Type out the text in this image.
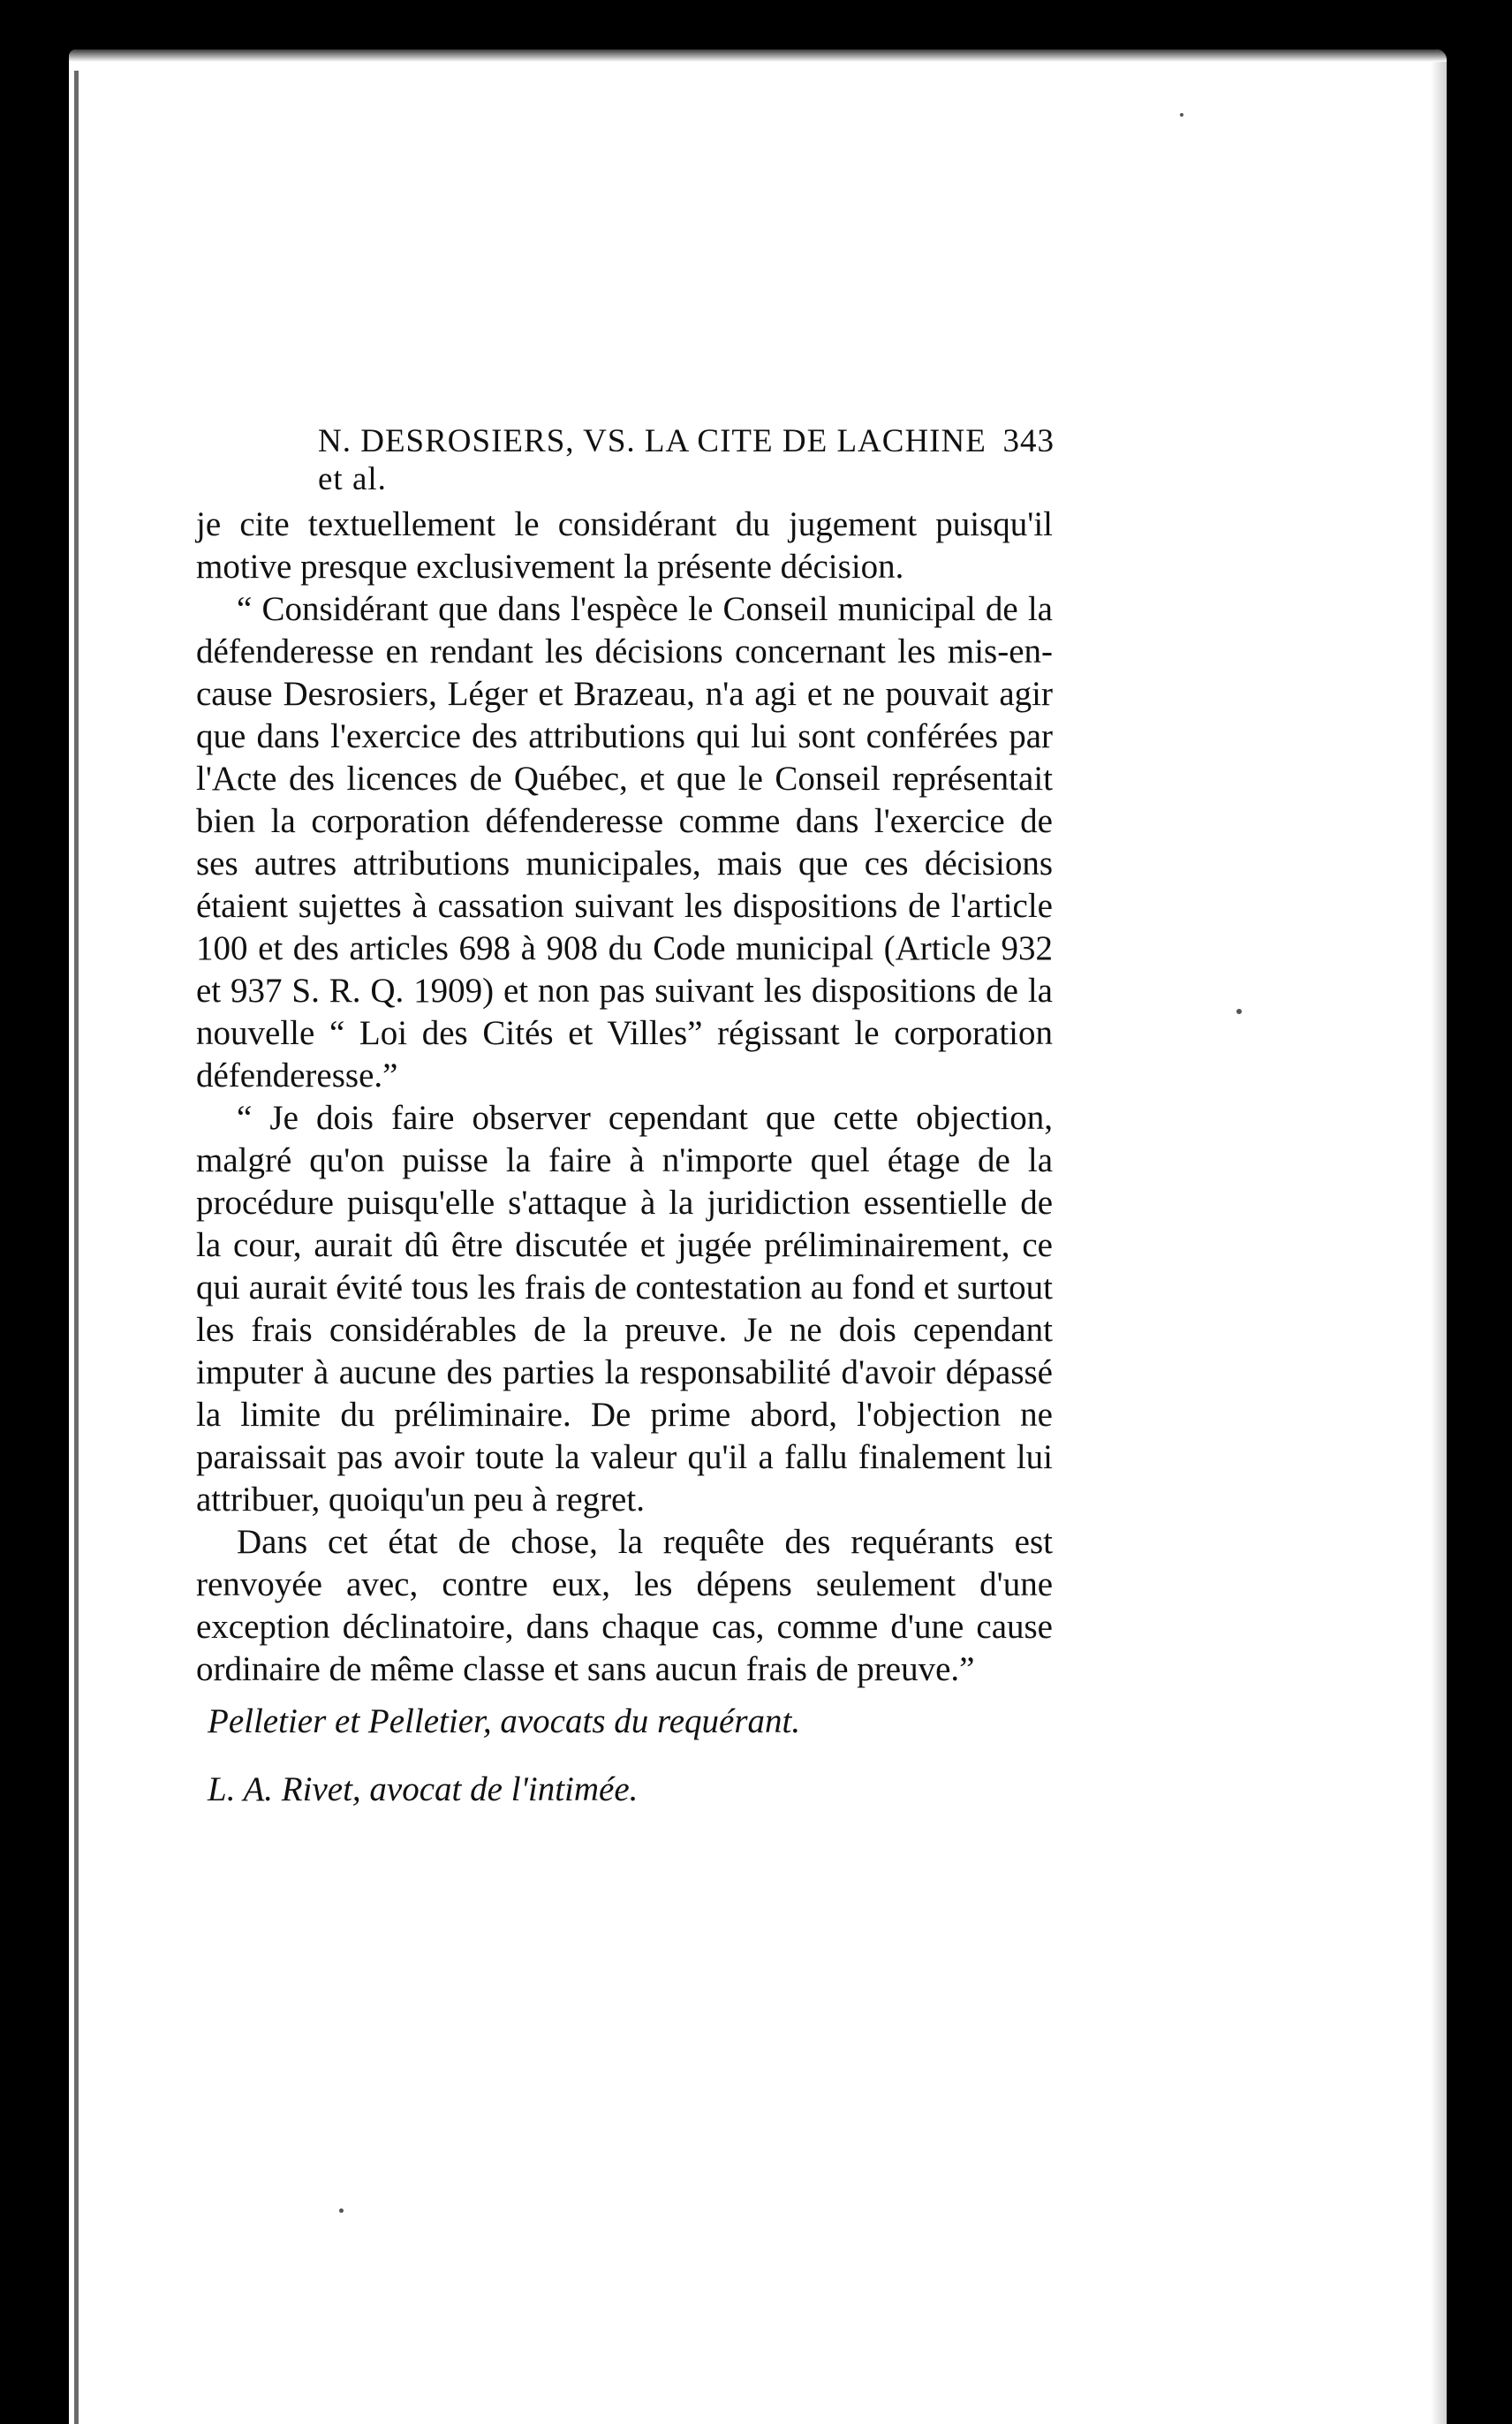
N. DESROSIERS, VS. LA CITE DE LACHINE et al.
343

je cite textuellement le considérant du jugement puisqu'il motive presque exclusivement la présente décision.

“ Considérant que dans l'espèce le Conseil municipal de la défenderesse en rendant les décisions concernant les mis-en-cause Desrosiers, Léger et Brazeau, n'a agi et ne pouvait agir que dans l'exercice des attributions qui lui sont conférées par l'Acte des licences de Québec, et que le Conseil représentait bien la corporation défenderesse comme dans l'exercice de ses autres attributions municipales, mais que ces décisions étaient sujettes à cassation suivant les dispositions de l'article 100 et des articles 698 à 908 du Code municipal (Article 932 et 937 S. R. Q. 1909) et non pas suivant les dispositions de la nouvelle “ Loi des Cités et Villes” régissant le corporation défenderesse.”

“ Je dois faire observer cependant que cette objection, malgré qu'on puisse la faire à n'importe quel étage de la procédure puisqu'elle s'attaque à la juridiction essentielle de la cour, aurait dû être discutée et jugée préliminairement, ce qui aurait évité tous les frais de contestation au fond et surtout les frais considérables de la preuve. Je ne dois cependant imputer à aucune des parties la responsabilité d'avoir dépassé la limite du préliminaire. De prime abord, l'objection ne paraissait pas avoir toute la valeur qu'il a fallu finalement lui attribuer, quoiqu'un peu à regret.

Dans cet état de chose, la requête des requérants est renvoyée avec, contre eux, les dépens seulement d'une exception déclinatoire, dans chaque cas, comme d'une cause ordinaire de même classe et sans aucun frais de preuve.”

Pelletier et Pelletier, avocats du requérant.

L. A. Rivet, avocat de l'intimée.
